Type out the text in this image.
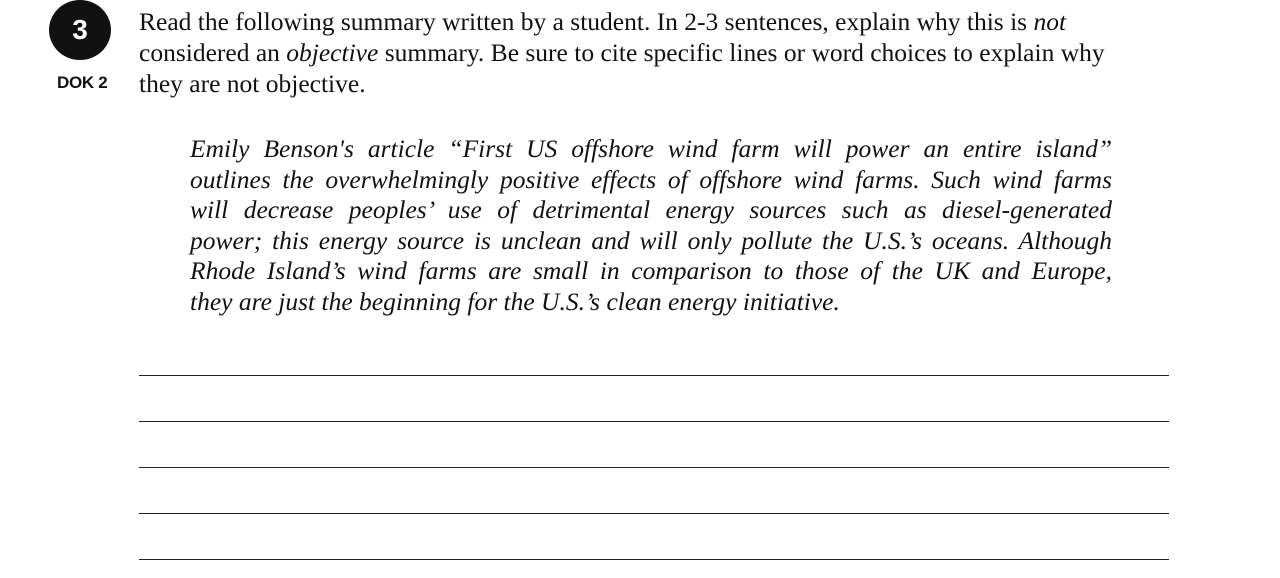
3
DOK 2
Read the following summary written by a student. In 2-3 sentences, explain why this is not
considered an objective summary. Be sure to cite specific lines or word choices to explain why
they are not objective.
Emily Benson's article “First US offshore wind farm will power an entire island”
outlines the overwhelmingly positive effects of offshore wind farms. Such wind farms
will decrease peoples’ use of detrimental energy sources such as diesel-generated
power; this energy source is unclean and will only pollute the U.S.’s oceans. Although
Rhode Island’s wind farms are small in comparison to those of the UK and Europe,
they are just the beginning for the U.S.’s clean energy initiative.
